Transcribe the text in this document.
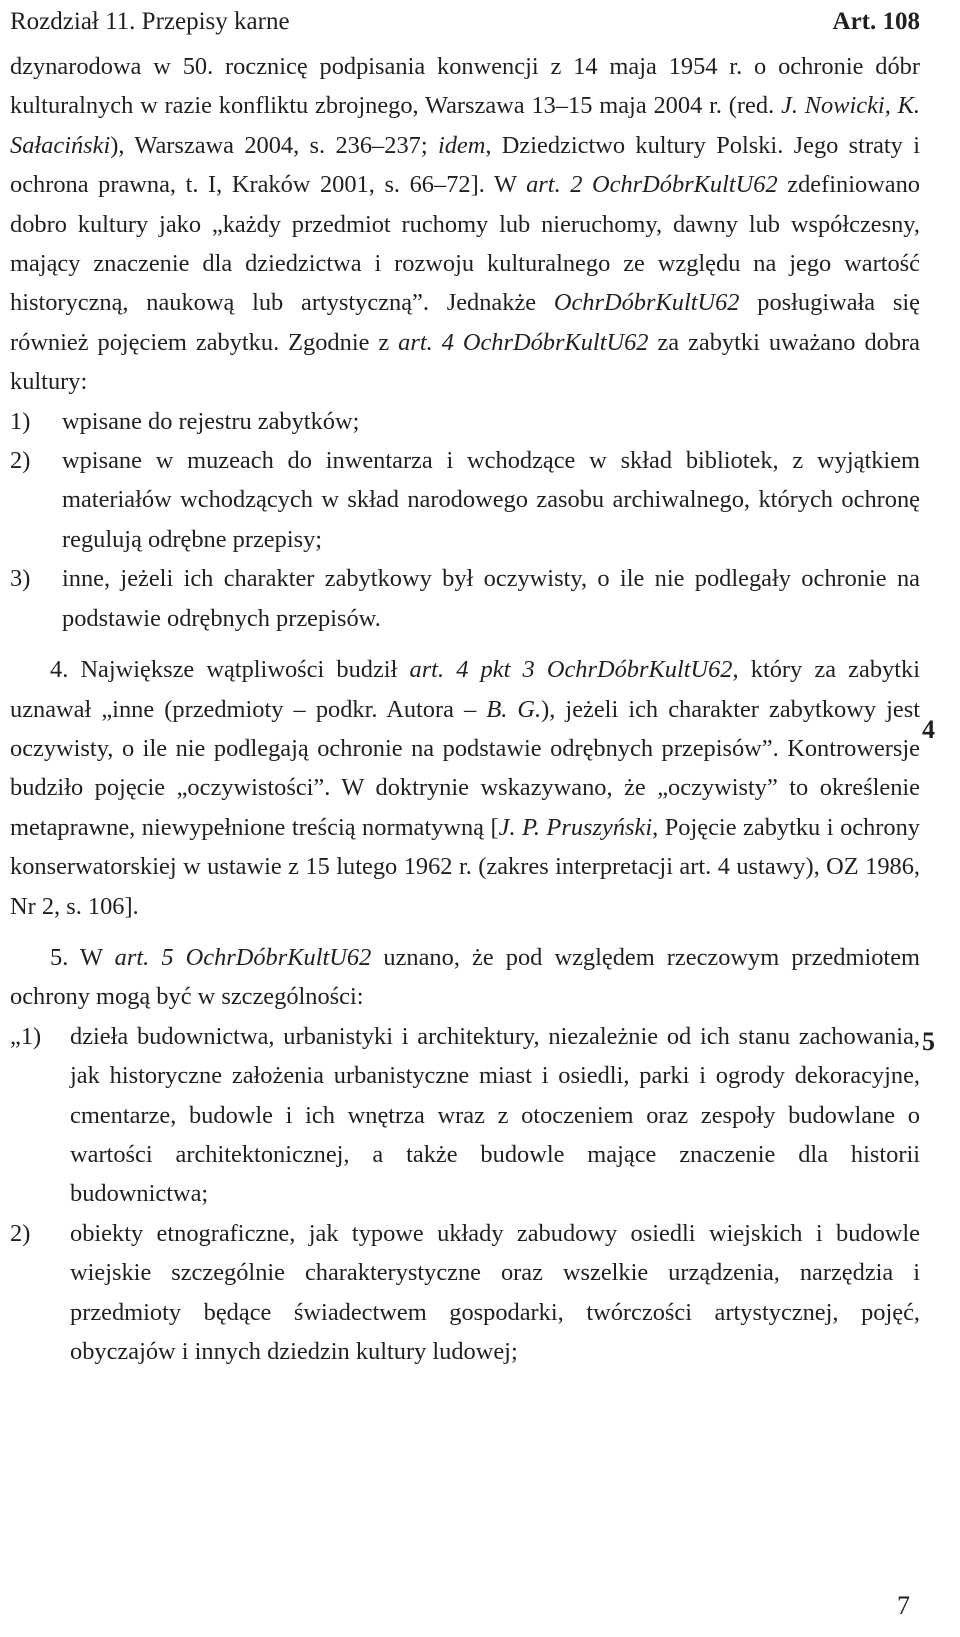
Rozdział 11. Przepisy karne	Art. 108

dzynarodowa w 50. rocznicę podpisania konwencji z 14 maja 1954 r. o ochronie dóbr kulturalnych w razie konfliktu zbrojnego, Warszawa 13–15 maja 2004 r. (red. J. Nowicki, K. Sałaciński), Warszawa 2004, s. 236–237; idem, Dziedzictwo kultury Polski. Jego straty i ochrona prawna, t. I, Kraków 2001, s. 66–72]. W art. 2 OchrDóbrKultU62 zdefiniowano dobro kultury jako „każdy przedmiot ruchomy lub nieruchomy, dawny lub współczesny, mający znaczenie dla dziedzictwa i rozwoju kulturalnego ze względu na jego wartość historyczną, naukową lub artystyczną”. Jednakże OchrDóbrKultU62 posługiwała się również pojęciem zabytku. Zgodnie z art. 4 OchrDóbrKultU62 za zabytki uważano dobra kultury:

1) wpisane do rejestru zabytków;
2) wpisane w muzeach do inwentarza i wchodzące w skład bibliotek, z wyjątkiem materiałów wchodzących w skład narodowego zasobu archiwalnego, których ochronę regulują odrębne przepisy;
3) inne, jeżeli ich charakter zabytkowy był oczywisty, o ile nie podlegały ochronie na podstawie odrębnych przepisów.

4. Największe wątpliwości budził art. 4 pkt 3 OchrDóbrKultU62, który za zabytki uznawał „inne (przedmioty – podkr. Autora – B. G.), jeżeli ich charakter zabytkowy jest oczywisty, o ile nie podlegają ochronie na podstawie odrębnych przepisów”. Kontrowersje budziło pojęcie „oczywistości”. W doktrynie wskazywano, że „oczywisty” to określenie metaprawne, niewypełnione treścią normatywną [J. P. Pruszyński, Pojęcie zabytku i ochrony konserwatorskiej w ustawie z 15 lutego 1962 r. (zakres interpretacji art. 4 ustawy), OZ 1986, Nr 2, s. 106].

5. W art. 5 OchrDóbrKultU62 uznano, że pod względem rzeczowym przedmiotem ochrony mogą być w szczególności:

„1) dzieła budownictwa, urbanistyki i architektury, niezależnie od ich stanu zachowania, jak historyczne założenia urbanistyczne miast i osiedli, parki i ogrody dekoracyjne, cmentarze, budowle i ich wnętrza wraz z otoczeniem oraz zespoły budowlane o wartości architektonicznej, a także budowle mające znaczenie dla historii budownictwa;
2) obiekty etnograficzne, jak typowe układy zabudowy osiedli wiejskich i budowle wiejskie szczególnie charakterystyczne oraz wszelkie urządzenia, narzędzia i przedmioty będące świadectwem gospodarki, twórczości artystycznej, pojęć, obyczajów i innych dziedzin kultury ludowej;
7
4
5
